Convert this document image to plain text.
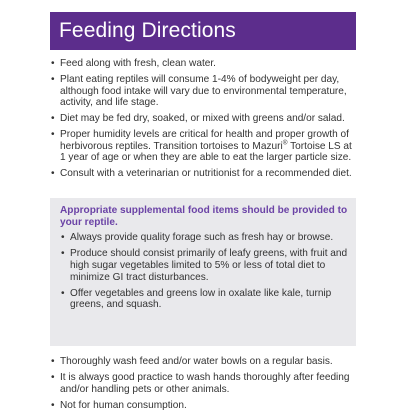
Feeding Directions
• Feed along with fresh, clean water.
• Plant eating reptiles will consume 1-4% of bodyweight per day, although food intake will vary due to environmental temperature, activity, and life stage.
• Diet may be fed dry, soaked, or mixed with greens and/or salad.
• Proper humidity levels are critical for health and proper growth of herbivorous reptiles. Transition tortoises to Mazuri® Tortoise LS at 1 year of age or when they are able to eat the larger particle size.
• Consult with a veterinarian or nutritionist for a recommended diet.
Appropriate supplemental food items should be provided to your reptile.
• Always provide quality forage such as fresh hay or browse.
• Produce should consist primarily of leafy greens, with fruit and high sugar vegetables limited to 5% or less of total diet to minimize GI tract disturbances.
• Offer vegetables and greens low in oxalate like kale, turnip greens, and squash.
• Thoroughly wash feed and/or water bowls on a regular basis.
• It is always good practice to wash hands thoroughly after feeding and/or handling pets or other animals.
• Not for human consumption.
